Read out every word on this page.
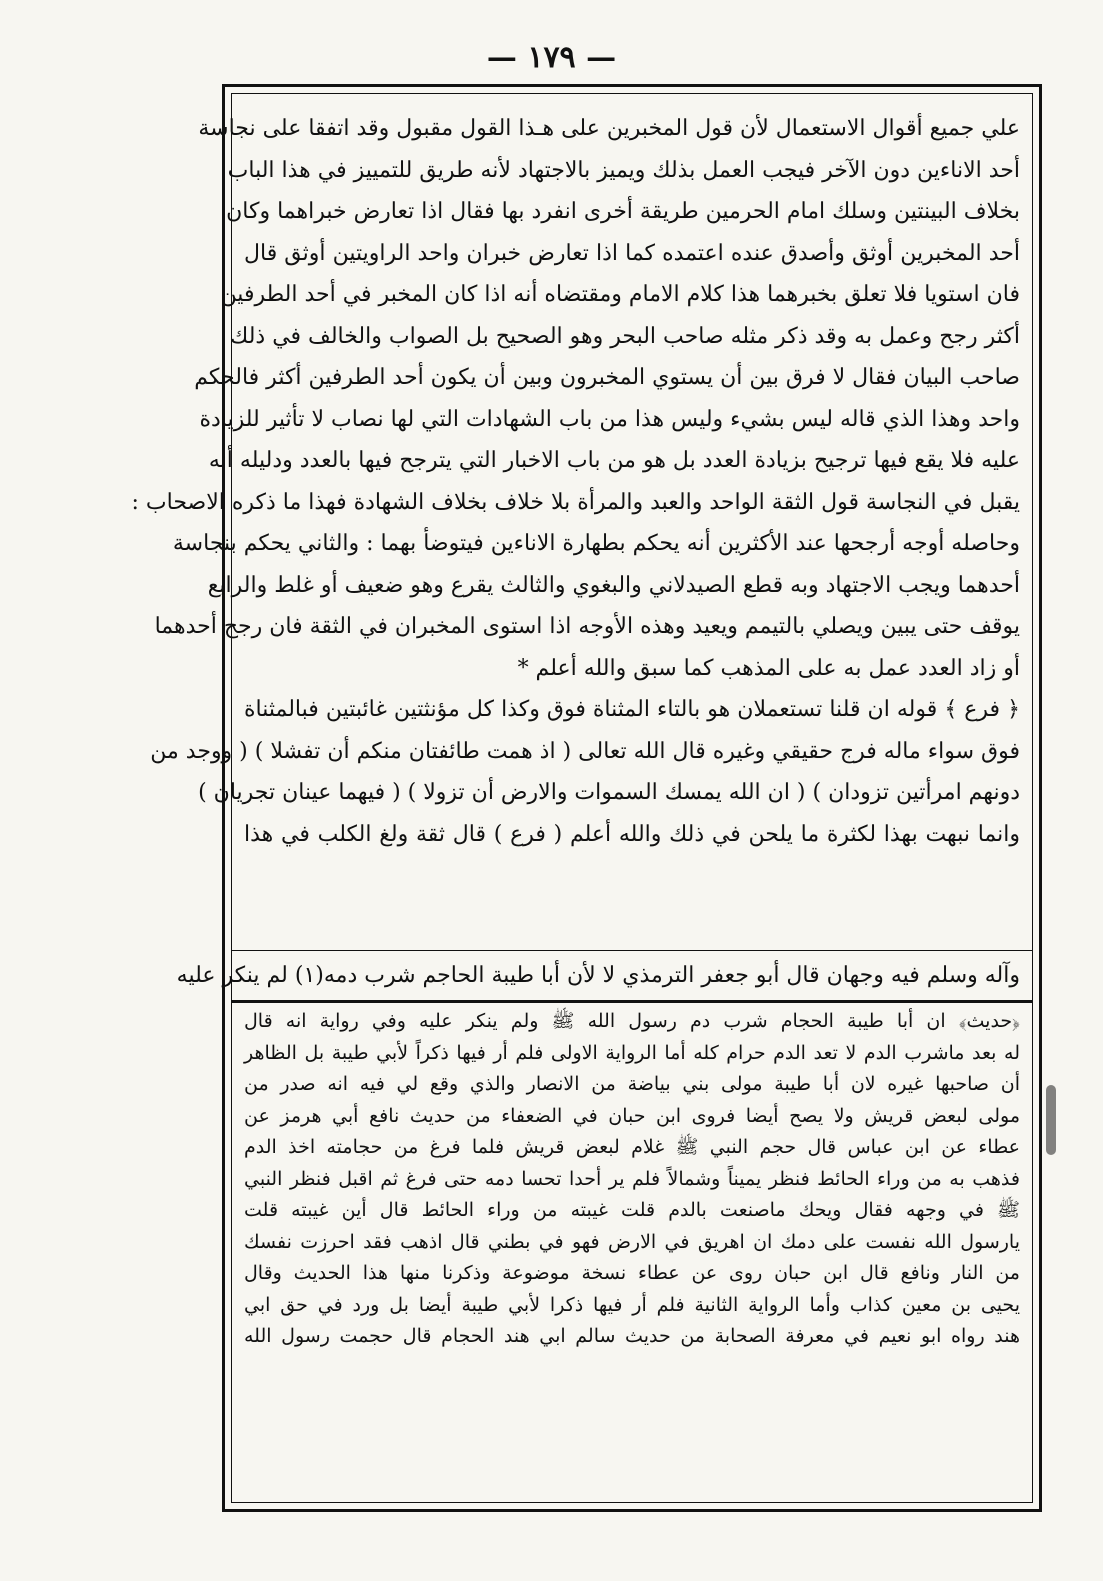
— ١٧٩ —
علي جميع أقوال الاستعمال لأن قول المخبرين على هـذا القول مقبول وقد اتفقا على نجاسة
أحد الاناءين دون الآخر فيجب العمل بذلك ويميز بالاجتهاد لأنه طريق للتمييز في هذا الباب
بخلاف البينتين وسلك امام الحرمين طريقة أخرى انفرد بها فقال اذا تعارض خبراهما وكان
أحد المخبرين أوثق وأصدق عنده اعتمده كما اذا تعارض خبران واحد الراويتين أوثق قال
فان استويا فلا تعلق بخبرهما هذا كلام الامام ومقتضاه أنه اذا كان المخبر في أحد الطرفين
أكثر رجح وعمل به وقد ذكر مثله صاحب البحر وهو الصحيح بل الصواب والخالف في ذلك
صاحب البيان فقال لا فرق بين أن يستوي المخبرون وبين أن يكون أحد الطرفين أكثر فالحكم
واحد وهذا الذي قاله ليس بشيء وليس هذا من باب الشهادات التي لها نصاب لا تأثير للزيادة
عليه فلا يقع فيها ترجيح بزيادة العدد بل هو من باب الاخبار التي يترجح فيها بالعدد ودليله أنه
يقبل في النجاسة قول الثقة الواحد والعبد والمرأة بلا خلاف بخلاف الشهادة فهذا ما ذكره الاصحاب :
وحاصله أوجه أرجحها عند الأكثرين أنه يحكم بطهارة الاناءين فيتوضأ بهما : والثاني يحكم بنجاسة
أحدهما ويجب الاجتهاد وبه قطع الصيدلاني والبغوي والثالث يقرع وهو ضعيف أو غلط والرابع
يوقف حتى يبين ويصلي بالتيمم ويعيد وهذه الأوجه اذا استوى المخبران في الثقة فان رجح أحدهما
أو زاد العدد عمل به على المذهب كما سبق والله أعلم *
﴿ فرع ﴾ قوله ان قلنا تستعملان هو بالتاء المثناة فوق وكذا كل مؤنثتين غائبتين فبالمثناة
فوق سواء ماله فرج حقيقي وغيره قال الله تعالى ( اذ همت طائفتان منكم أن تفشلا ) ( ووجد من
دونهم امرأتين تزودان ) ( ان الله يمسك السموات والارض أن تزولا ) ( فيهما عينان تجريان )
وانما نبهت بهذا لكثرة ما يلحن في ذلك والله أعلم ( فرع ) قال ثقة ولغ الكلب في هذا
وآله وسلم فيه وجهان قال أبو جعفر الترمذي لا لأن أبا طيبة الحاجم شرب دمه(١) لم ينكر عليه
﴿حديث﴾ ان أبا طيبة الحجام شرب دم رسول الله ﷺ ولم ينكر عليه وفي رواية انه قال
له بعد ماشرب الدم لا تعد الدم حرام كله أما الرواية الاولى فلم أر فيها ذكراً لأبي طيبة بل الظاهر
أن صاحبها غيره لان أبا طيبة مولى بني بياضة من الانصار والذي وقع لي فيه انه صدر من
مولى لبعض قريش ولا يصح أيضا فروى ابن حبان في الضعفاء من حديث نافع أبي هرمز عن
عطاء عن ابن عباس قال حجم النبي ﷺ غلام لبعض قريش فلما فرغ من حجامته اخذ الدم
فذهب به من وراء الحائط فنظر يميناً وشمالاً فلم ير أحدا تحسا دمه حتى فرغ ثم اقبل فنظر النبي
ﷺ في وجهه فقال ويحك ماصنعت بالدم قلت غيبته من وراء الحائط قال أين غيبته قلت
يارسول الله نفست على دمك ان اهريق في الارض فهو في بطني قال اذهب فقد احرزت نفسك
من النار ونافع قال ابن حبان روى عن عطاء نسخة موضوعة وذكرنا منها هذا الحديث وقال
يحيى بن معين كذاب وأما الرواية الثانية فلم أر فيها ذكرا لأبي طيبة أيضا بل ورد في حق ابي
هند رواه ابو نعيم في معرفة الصحابة من حديث سالم ابي هند الحجام قال حجمت رسول الله
